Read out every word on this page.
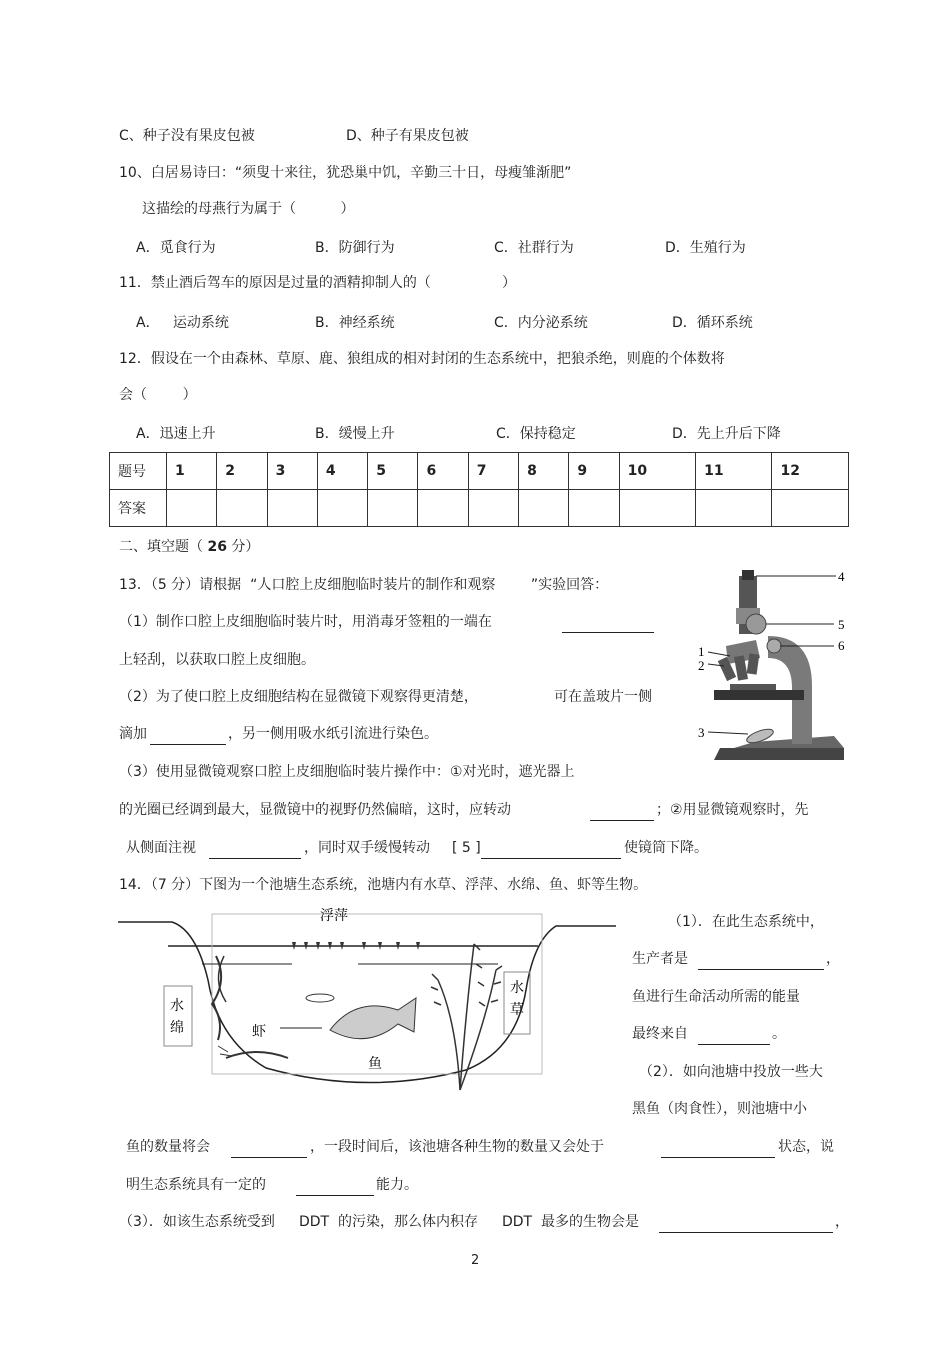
C、种子没有果皮包被	D、种子有果皮包被
10、白居易诗曰：“须叟十来往，犹恐巢中饥，辛勤三十日，母瘦雏渐肥”
这描绘的母燕行为属于（          ）
A．觅食行为	B．防御行为	C．社群行为	D．生殖行为
11．禁止酒后驾车的原因是过量的酒精抑制人的（                ）
A．   运动系统	B．神经系统	C．内分泌系统	D．循环系统
12．假设在一个由森林、草原、鹿、狼组成的相对封闭的生态系统中，把狼杀绝，则鹿的个体数将
会（        ）
A．迅速上升	B．缓慢上升	C．保持稳定	D．先上升后下降
题号	1	2	3	4	5	6	7	8	9	10	11	12
答案												
二、填空题（ 26 分）
13．（5 分）请根据  “人口腔上皮细胞临时装片的制作和观察        ”实验回答：
（1）制作口腔上皮细胞临时装片时，用消毒牙签粗的一端在
上轻刮，以获取口腔上皮细胞。
（2）为了使口腔上皮细胞结构在显微镜下观察得更清楚，	可在盖玻片一侧
滴加	，另一侧用吸水纸引流进行染色。
（3）使用显微镜观察口腔上皮细胞临时装片操作中：①对光时，遮光器上
的光圈已经调到最大，显微镜中的视野仍然偏暗，这时，应转动	；②用显微镜观察时，先
从侧面注视	，同时双手缓慢转动 [ 5 ]	使镜筒下降。
4
5
6
1
2
3
14．（7 分）下图为一个池塘生态系统，池塘内有水草、浮萍、水绵、鱼、虾等生物。
浮萍
水
绵
水
草
虾
鱼
（1）．在此生态系统中，
生产者是	，
鱼进行生命活动所需的能量
最终来自	。
（2）．如向池塘中投放一些大
黑鱼（肉食性），则池塘中小
鱼的数量将会	，一段时间后，该池塘各种生物的数量又会处于	状态，说
明生态系统具有一定的	能力。
（3）．如该生态系统受到 DDT  的污染，那么体内积存 DDT  最多的生物会是	，
2
